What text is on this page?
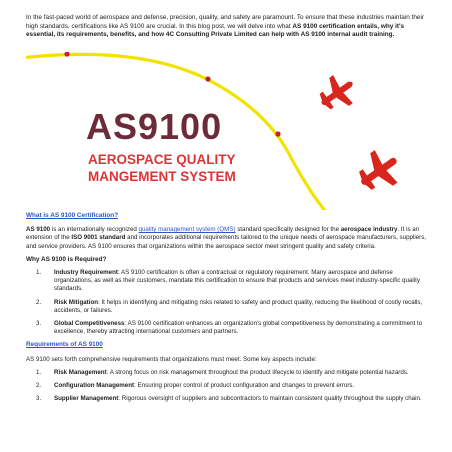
In the fast-paced world of aerospace and defense, precision, quality, and safety are paramount. To ensure that these industries maintain their high standards, certifications like AS 9100 are crucial. In this blog post, we will delve into what AS 9100 certification entails, why it's essential, its requirements, benefits, and how 4C Consulting Private Limited can help with AS 9100 internal audit training.
AS9100
AEROSPACE QUALITY
MANGEMENT SYSTEM
What is AS 9100 Certification?
AS 9100 is an internationally recognized quality management system (QMS) standard specifically designed for the aerospace industry. It is an extension of the ISO 9001 standard and incorporates additional requirements tailored to the unique needs of aerospace manufacturers, suppliers, and service providers. AS 9100 ensures that organizations within the aerospace sector meet stringent quality and safety criteria.
Why AS 9100 is Required?
1. Industry Requirement: AS 9100 certification is often a contractual or regulatory requirement. Many aerospace and defense organizations, as well as their customers, mandate this certification to ensure that products and services meet industry-specific quality standards.
2. Risk Mitigation: It helps in identifying and mitigating risks related to safety and product quality, reducing the likelihood of costly recalls, accidents, or failures.
3. Global Competitiveness: AS 9100 certification enhances an organization's global competitiveness by demonstrating a commitment to excellence, thereby attracting international customers and partners.
Requirements of AS 9100
AS 9100 sets forth comprehensive requirements that organizations must meet. Some key aspects include:
1. Risk Management: A strong focus on risk management throughout the product lifecycle to identify and mitigate potential hazards.
2. Configuration Management: Ensuring proper control of product configuration and changes to prevent errors.
3. Supplier Management: Rigorous oversight of suppliers and subcontractors to maintain consistent quality throughout the supply chain.
